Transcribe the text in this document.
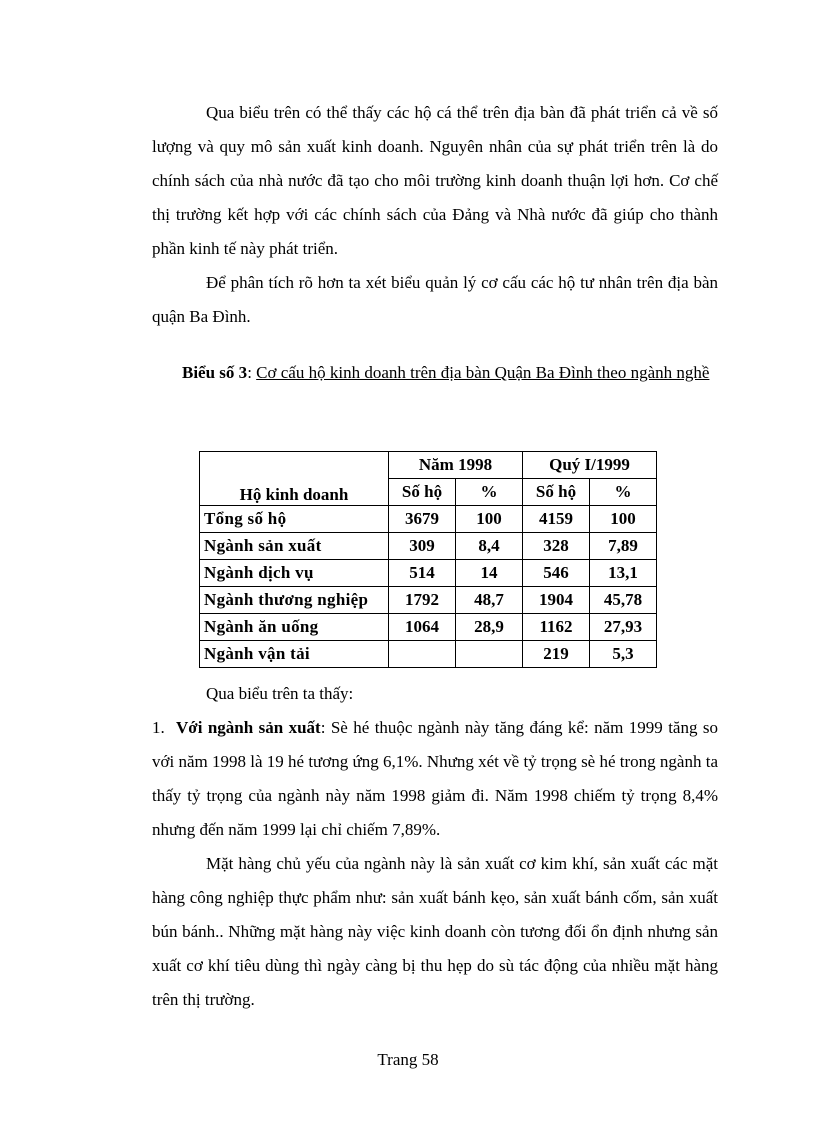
Qua biểu trên có thể thấy các hộ cá thể trên địa bàn đã phát triển cả về số lượng và quy mô sản xuất kinh doanh. Nguyên nhân của sự phát triển trên là do chính sách của nhà nước đã tạo cho môi trường kinh doanh thuận lợi hơn. Cơ chế thị trường kết hợp với các chính sách của Đảng và Nhà nước đã giúp cho thành phần kinh tế này phát triển.

Để phân tích rõ hơn ta xét biểu quản lý cơ cấu các hộ tư nhân trên địa bàn quận Ba Đình.

Biểu số 3: Cơ cấu hộ kinh doanh trên địa bàn Quận Ba Đình theo ngành nghề
Hộ kinh doanh	Năm 1998		Quý I/1999	
	Số hộ	%	Số hộ	%
Tổng số hộ	3679	100	4159	100
Ngành sản xuất	309	8,4	328	7,89
Ngành dịch vụ	514	14	546	13,1
Ngành thương nghiệp	1792	48,7	1904	45,78
Ngành ăn uống	1064	28,9	1162	27,93
Ngành vận tải			219	5,3

Qua biểu trên ta thấy:

1. Với ngành sản xuất: Sè hé thuộc ngành này tăng đáng kể: năm 1999 tăng so với năm 1998 là 19 hé tương ứng 6,1%. Nhưng xét về tỷ trọng sè hé trong ngành ta thấy tỷ trọng của ngành này năm 1998 giảm đi. Năm 1998 chiếm tỷ trọng 8,4% nhưng đến năm 1999 lại chỉ chiếm 7,89%.

Mặt hàng chủ yếu của ngành này là sản xuất cơ kim khí, sản xuất các mặt hàng công nghiệp thực phẩm như: sản xuất bánh kẹo, sản xuất bánh cốm, sản xuất bún bánh.. Những mặt hàng này việc kinh doanh còn tương đối ổn định nhưng sản xuất cơ khí tiêu dùng thì ngày càng bị thu hẹp do sù tác động của nhiều mặt hàng trên thị trường.

Trang 58
